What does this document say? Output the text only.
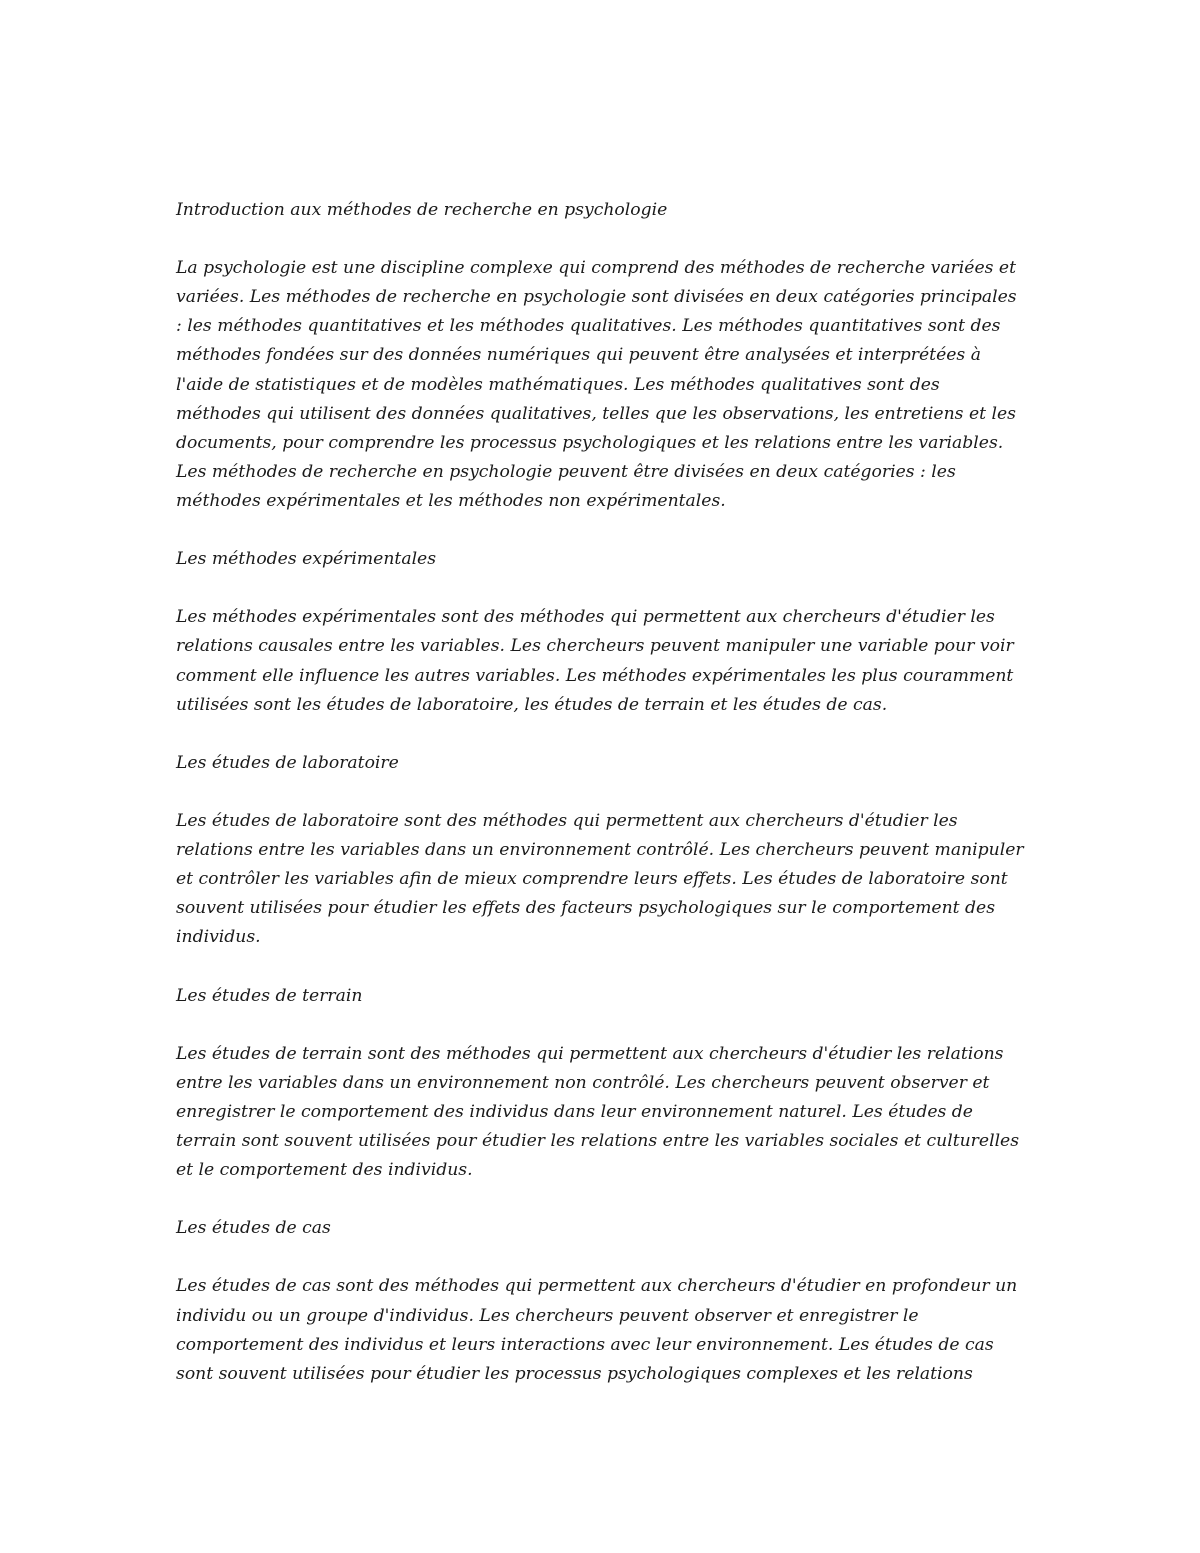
Introduction aux méthodes de recherche en psychologie

La psychologie est une discipline complexe qui comprend des méthodes de recherche variées et variées. Les méthodes de recherche en psychologie sont divisées en deux catégories principales : les méthodes quantitatives et les méthodes qualitatives. Les méthodes quantitatives sont des méthodes fondées sur des données numériques qui peuvent être analysées et interprétées à l'aide de statistiques et de modèles mathématiques. Les méthodes qualitatives sont des méthodes qui utilisent des données qualitatives, telles que les observations, les entretiens et les documents, pour comprendre les processus psychologiques et les relations entre les variables. Les méthodes de recherche en psychologie peuvent être divisées en deux catégories : les méthodes expérimentales et les méthodes non expérimentales.

Les méthodes expérimentales

Les méthodes expérimentales sont des méthodes qui permettent aux chercheurs d'étudier les relations causales entre les variables. Les chercheurs peuvent manipuler une variable pour voir comment elle influence les autres variables. Les méthodes expérimentales les plus couramment utilisées sont les études de laboratoire, les études de terrain et les études de cas.

Les études de laboratoire

Les études de laboratoire sont des méthodes qui permettent aux chercheurs d'étudier les relations entre les variables dans un environnement contrôlé. Les chercheurs peuvent manipuler et contrôler les variables afin de mieux comprendre leurs effets. Les études de laboratoire sont souvent utilisées pour étudier les effets des facteurs psychologiques sur le comportement des individus.

Les études de terrain

Les études de terrain sont des méthodes qui permettent aux chercheurs d'étudier les relations entre les variables dans un environnement non contrôlé. Les chercheurs peuvent observer et enregistrer le comportement des individus dans leur environnement naturel. Les études de terrain sont souvent utilisées pour étudier les relations entre les variables sociales et culturelles et le comportement des individus.

Les études de cas

Les études de cas sont des méthodes qui permettent aux chercheurs d'étudier en profondeur un individu ou un groupe d'individus. Les chercheurs peuvent observer et enregistrer le comportement des individus et leurs interactions avec leur environnement. Les études de cas sont souvent utilisées pour étudier les processus psychologiques complexes et les relations
